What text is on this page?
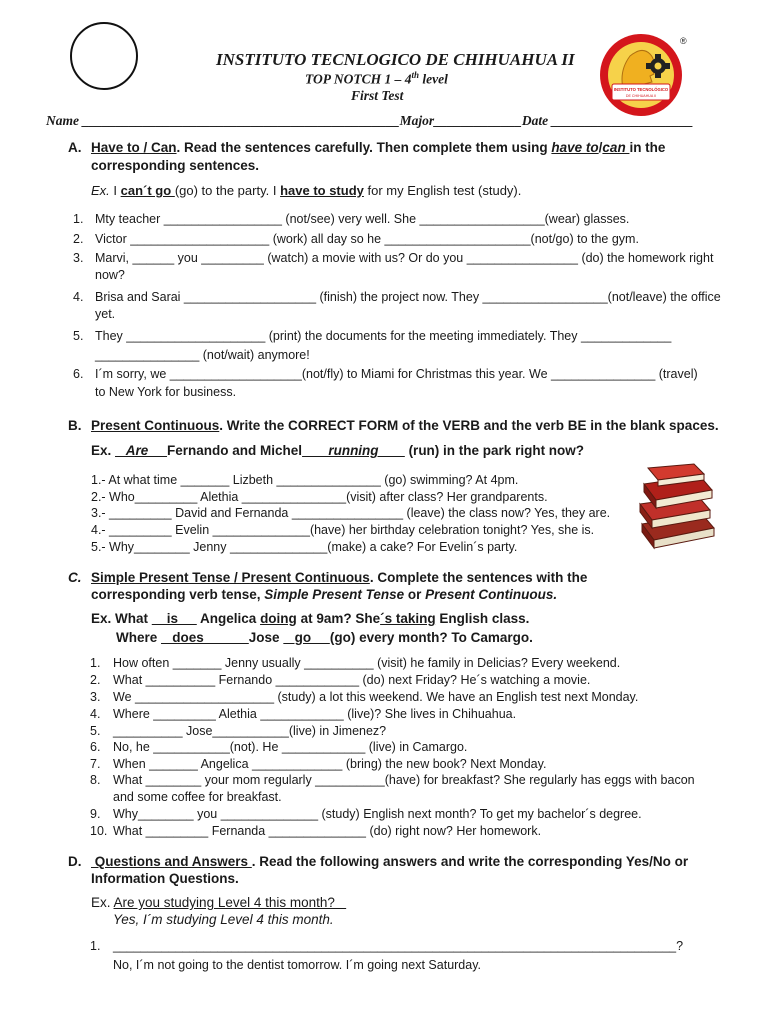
INSTITUTO TECNLOGICO DE CHIHUAHUA II
TOP NOTCH 1 – 4th level
First Test	INSTITUTO TECNOLÓGICO
DE CHIHUAHUA II
®
Name _______________________________________________Major_____________Date _____________________
A. Have to / Can. Read the sentences carefully. Then complete them using have to/can in the
corresponding sentences.
Ex. I can´t go (go) to the party. I have to study for my English test (study).
1. Mty teacher _________________ (not/see) very well. She __________________(wear) glasses.
2. Victor ____________________ (work) all day so he _____________________(not/go) to the gym.
3. Marvi, ______ you _________ (watch) a movie with us? Or do you ________________ (do) the homework right
now?
4. Brisa and Sarai ___________________ (finish) the project now. They __________________(not/leave) the office
yet.
5. They ____________________ (print) the documents for the meeting immediately. They _____________
_______________ (not/wait) anymore!
6. I´m sorry, we ___________________(not/fly) to Miami for Christmas this year. We _______________ (travel)
to New York for business.
B. Present Continuous. Write the CORRECT FORM of the VERB and the verb BE in the blank spaces.
Ex.    Are     Fernando and Michel       running        (run) in the park right now?
1.- At what time _______ Lizbeth _______________ (go) swimming? At 4pm.
2.- Who_________ Alethia _______________(visit) after class? Her grandparents.
3.- _________ David and Fernanda ________________ (leave) the class now? Yes, they are.
4.- _________ Evelin ______________(have) her birthday celebration tonight? Yes, she is.
5.- Why________ Jenny ______________(make) a cake? For Evelin´s party.
C. Simple Present Tense / Present Continuous. Complete the sentences with the
corresponding verb tense, Simple Present Tense or Present Continuous.
Ex. What     is      Angelica doing at 9am? She´s taking English class.
Where    does            Jose    go     (go) every month? To Camargo.
1. How often _______ Jenny usually __________ (visit) he family in Delicias? Every weekend.
2. What __________ Fernando ____________ (do) next Friday? He´s watching a movie.
3. We ____________________ (study) a lot this weekend. We have an English test next Monday.
4. Where _________ Alethia ____________ (live)? She lives in Chihuahua.
5. __________ Jose___________(live) in Jimenez?
6. No, he ___________(not). He ____________ (live) in Camargo.
7. When _______ Angelica _____________ (bring) the new book? Next Monday.
8. What ________ your mom regularly __________(have) for breakfast? She regularly has eggs with bacon
and some coffee for breakfast.
9. Why________ you ______________ (study) English next month? To get my bachelor´s degree.
10. What _________ Fernanda ______________ (do) right now? Her homework.
D. Questions and Answers . Read the following answers and write the corresponding Yes/No or
Information Questions.
Ex. Are you studying Level 4 this month?
Yes, I´m studying Level 4 this month.
1. _________________________________________________________________________________?
No, I´m not going to the dentist tomorrow. I´m going next Saturday.
